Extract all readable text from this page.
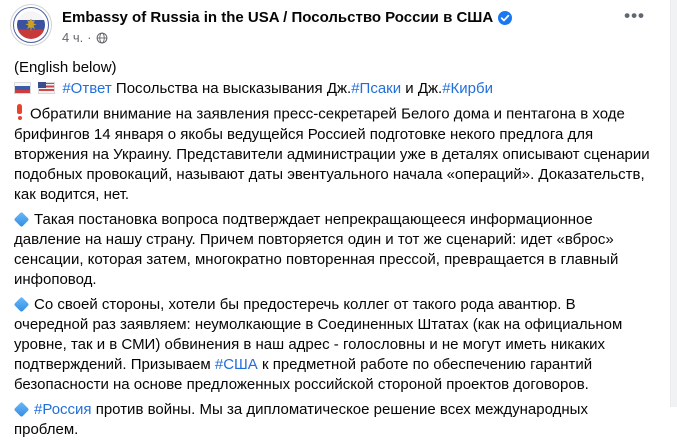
Embassy of Russia in the USA / Посольство России в США
4 ч. ·
•••
(English below)
#Ответ Посольства на высказывания Дж.#Псаки и Дж.#Кирби
Обратили внимание на заявления пресс-секретарей Белого дома и пентагона в ходе брифингов 14 января о якобы ведущейся Россией подготовке некого предлога для вторжения на Украину. Представители администрации уже в деталях описывают сценарии подобных провокаций, называют даты эвентуального начала «операций». Доказательств, как водится, нет.
Такая постановка вопроса подтверждает непрекращающееся информационное давление на нашу страну. Причем повторяется один и тот же сценарий: идет «вброс» сенсации, которая затем, многократно повторенная прессой, превращается в главный инфоповод.
Со своей стороны, хотели бы предостеречь коллег от такого рода авантюр. В очередной раз заявляем: неумолкающие в Соединенных Штатах (как на официальном уровне, так и в СМИ) обвинения в наш адрес - голословны и не могут иметь никаких подтверждений. Призываем #США к предметной работе по обеспечению гарантий безопасности на основе предложенных российской стороной проектов договоров.
#Россия против войны. Мы за дипломатическое решение всех международных проблем.
